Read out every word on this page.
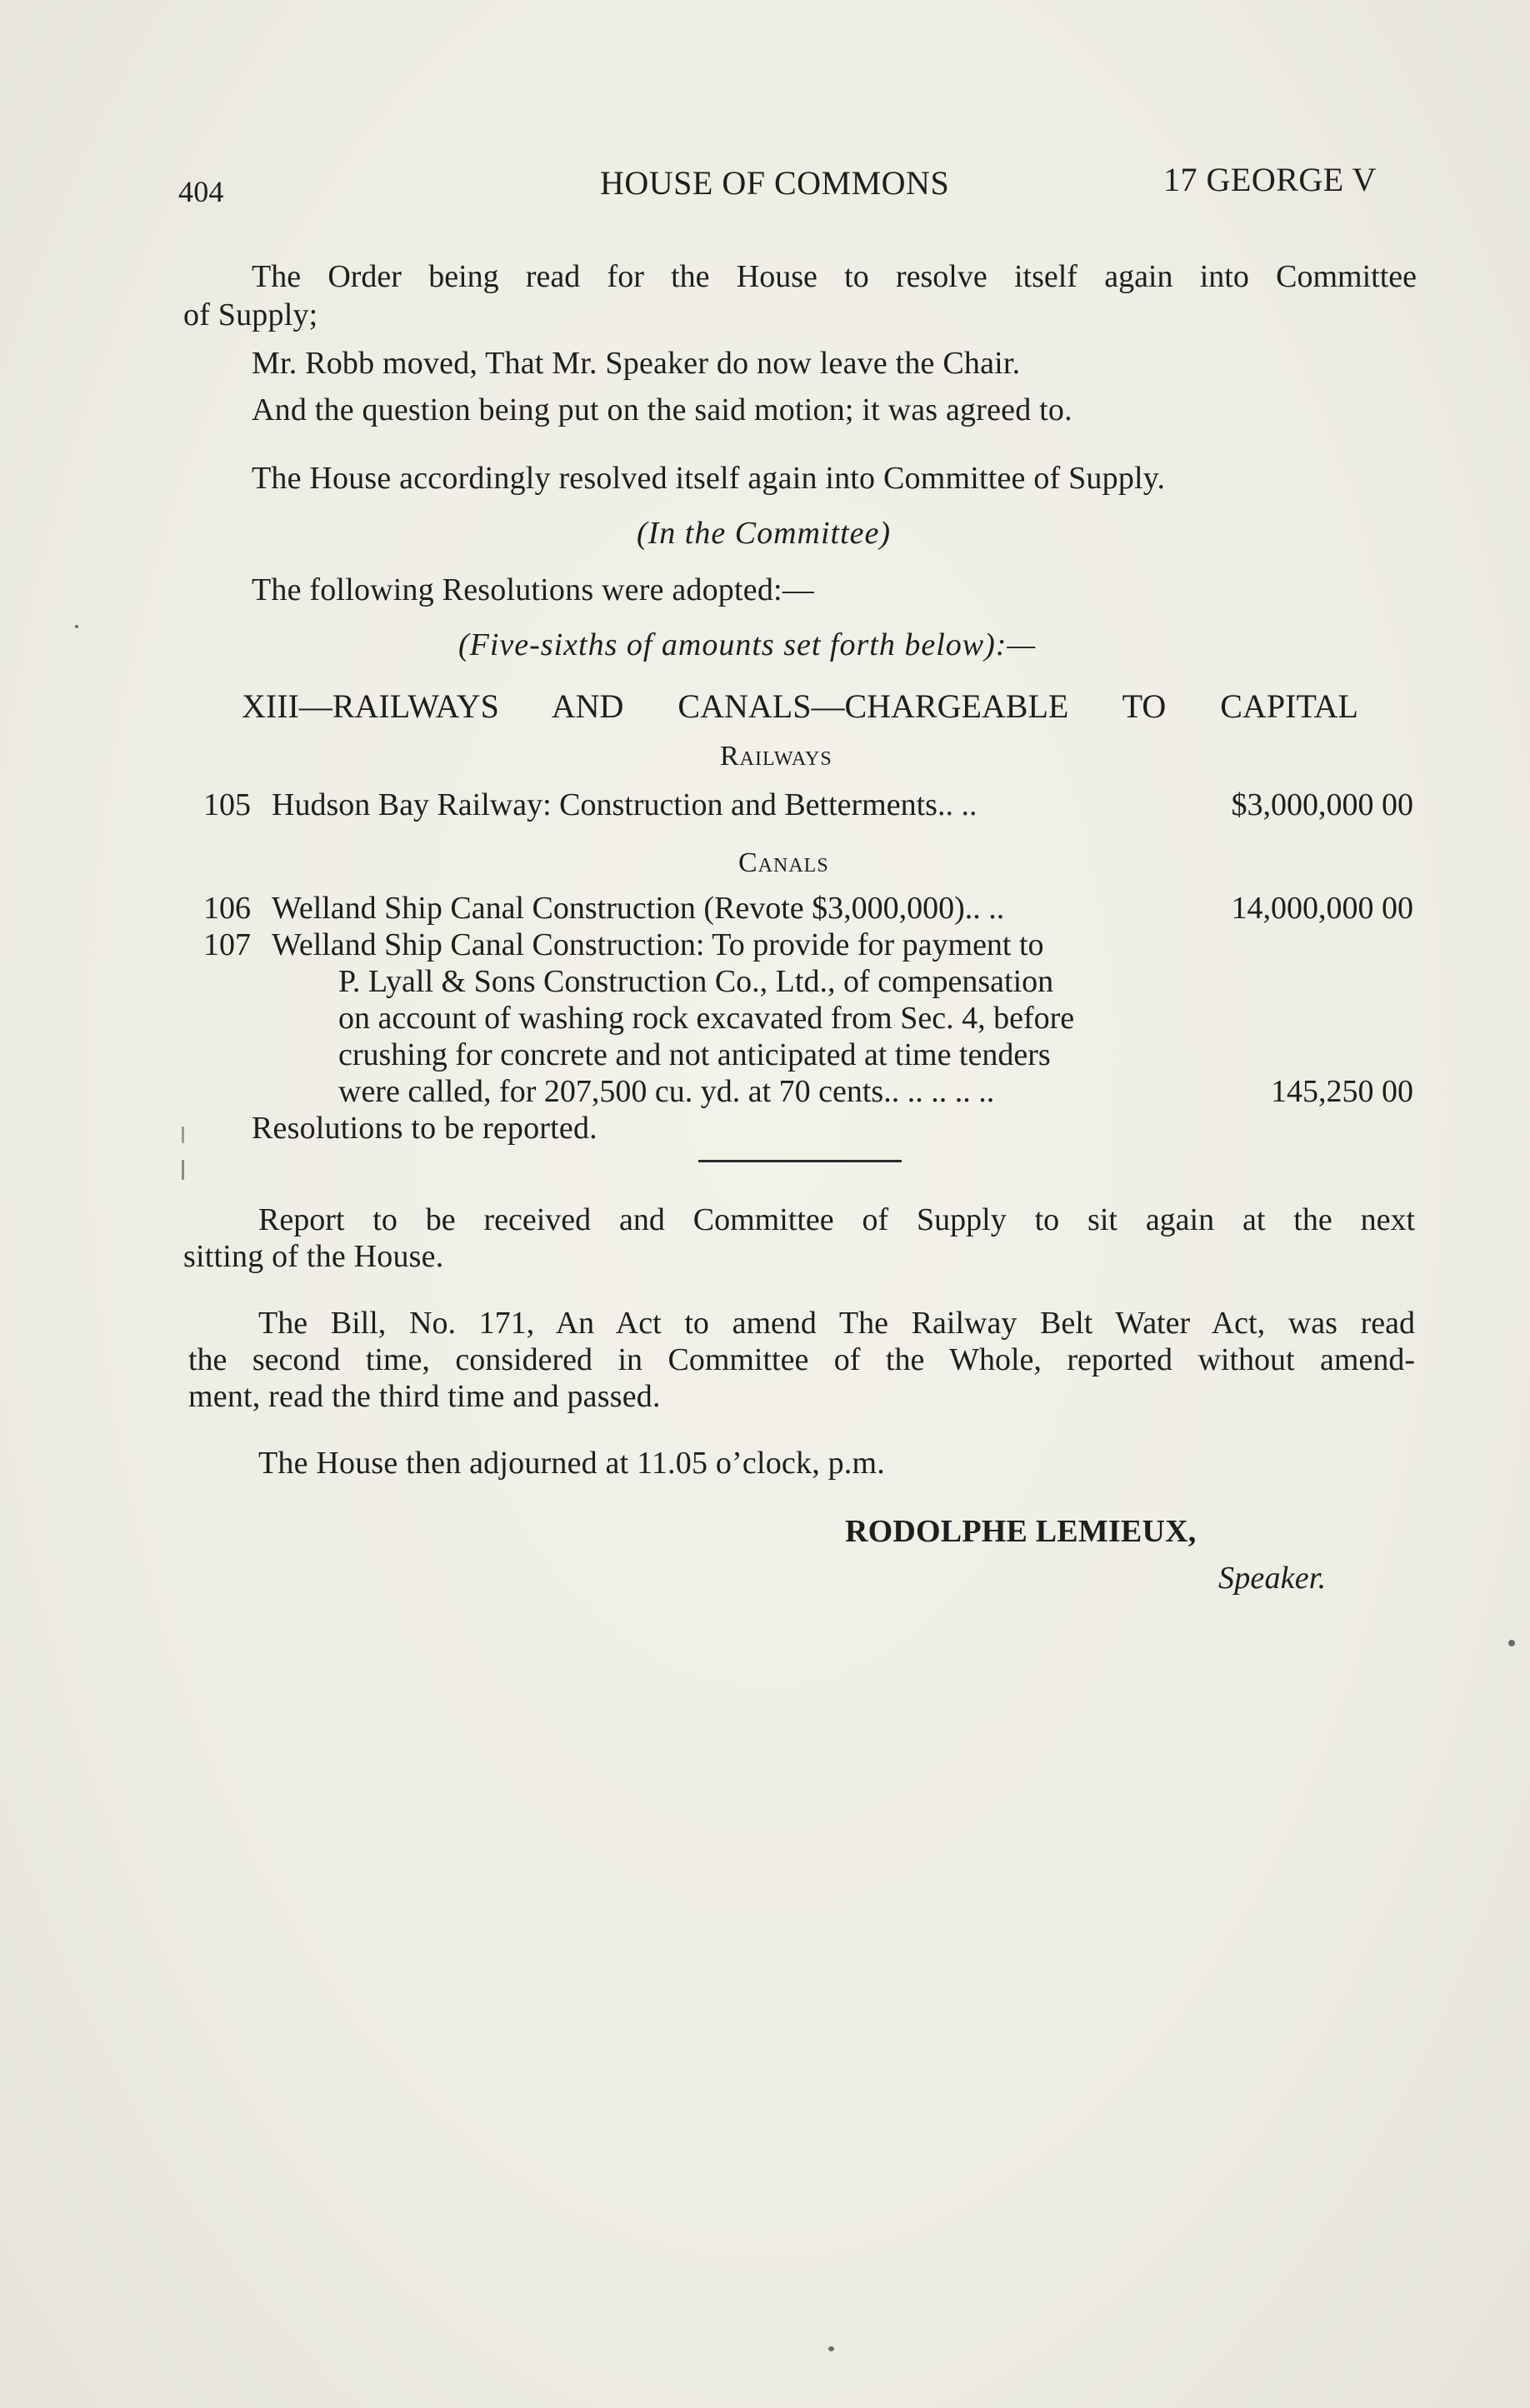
404	HOUSE OF COMMONS	17 GEORGE V
The Order being read for the House to resolve itself again into Committee
of Supply;
Mr. Robb moved, That Mr. Speaker do now leave the Chair.
And the question being put on the said motion; it was agreed to.
The House accordingly resolved itself again into Committee of Supply.
(In the Committee)
The following Resolutions were adopted:—
(Five-sixths of amounts set forth below):—
XIII—RAILWAYS AND CANALS—CHARGEABLE TO CAPITAL
Railways
105 Hudson Bay Railway: Construction and Betterments.. ..	$3,000,000 00
Canals
106 Welland Ship Canal Construction (Revote $3,000,000).. ..	14,000,000 00
107 Welland Ship Canal Construction: To provide for payment to
P. Lyall & Sons Construction Co., Ltd., of compensation
on account of washing rock excavated from Sec. 4, before
crushing for concrete and not anticipated at time tenders
were called, for 207,500 cu. yd. at 70 cents.. .. .. .. ..	145,250 00
Resolutions to be reported.
Report to be received and Committee of Supply to sit again at the next
sitting of the House.
The Bill, No. 171, An Act to amend The Railway Belt Water Act, was read
the second time, considered in Committee of the Whole, reported without amend-
ment, read the third time and passed.
The House then adjourned at 11.05 o’clock, p.m.
RODOLPHE LEMIEUX,
Speaker.
